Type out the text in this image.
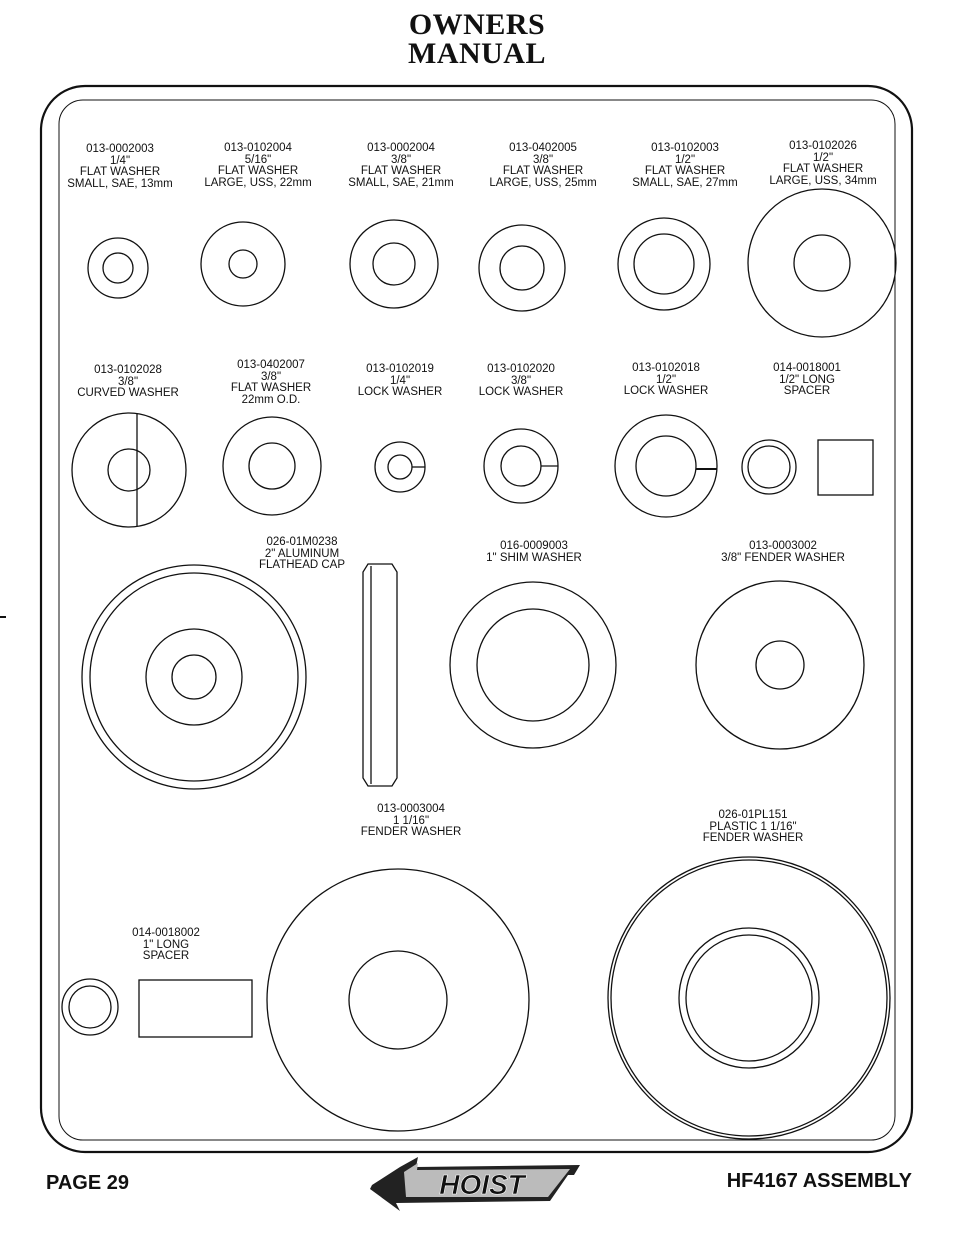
OWNERS
MANUAL
013-0002003
1/4"
FLAT WASHER
SMALL, SAE, 13mm
013-0102004
5/16"
FLAT WASHER
LARGE, USS, 22mm
013-0002004
3/8"
FLAT WASHER
SMALL, SAE, 21mm
013-0402005
3/8"
FLAT WASHER
LARGE, USS, 25mm
013-0102003
1/2"
FLAT WASHER
SMALL, SAE, 27mm
013-0102026
1/2"
FLAT WASHER
LARGE, USS, 34mm
013-0102028
3/8"
CURVED WASHER
013-0402007
3/8"
FLAT WASHER
22mm O.D.
013-0102019
1/4"
LOCK WASHER
013-0102020
3/8"
LOCK WASHER
013-0102018
1/2"
LOCK WASHER
014-0018001
1/2" LONG
SPACER
026-01M0238
2" ALUMINUM
FLATHEAD CAP
016-0009003
1" SHIM WASHER
013-0003002
3/8" FENDER WASHER
013-0003004
1 1/16"
FENDER WASHER
026-01PL151
PLASTIC 1 1/16"
FENDER WASHER
014-0018002
1" LONG
SPACER
PAGE 29	HOIST	HF4167 ASSEMBLY
